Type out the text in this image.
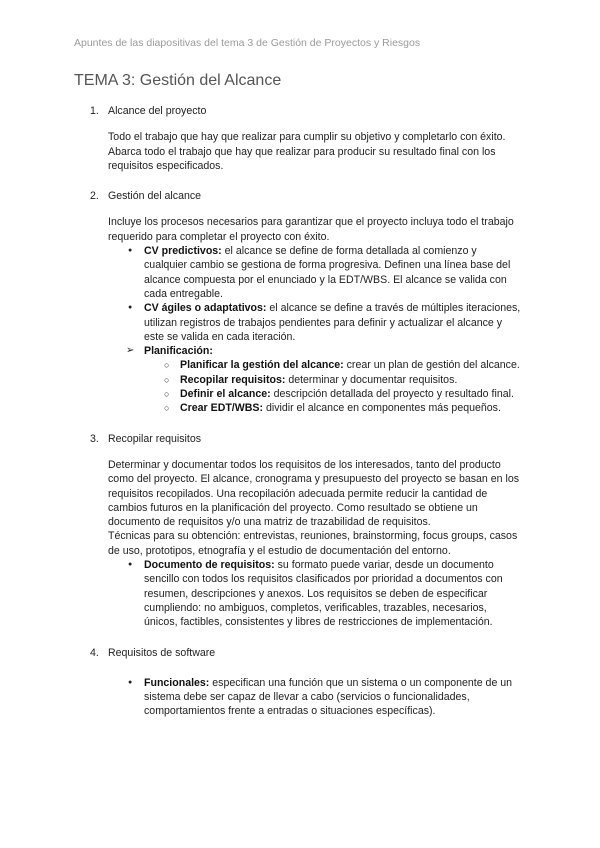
Apuntes de las diapositivas del tema 3 de Gestión de Proyectos y Riesgos
TEMA 3: Gestión del Alcance
1. Alcance del proyecto
Todo el trabajo que hay que realizar para cumplir su objetivo y completarlo con éxito. Abarca todo el trabajo que hay que realizar para producir su resultado final con los requisitos especificados.
2. Gestión del alcance
Incluye los procesos necesarios para garantizar que el proyecto incluya todo el trabajo requerido para completar el proyecto con éxito.
● CV predictivos: el alcance se define de forma detallada al comienzo y cualquier cambio se gestiona de forma progresiva. Definen una línea base del alcance compuesta por el enunciado y la EDT/WBS. El alcance se valida con cada entregable.
● CV ágiles o adaptativos: el alcance se define a través de múltiples iteraciones, utilizan registros de trabajos pendientes para definir y actualizar el alcance y este se valida en cada iteración.
➢ Planificación:
○ Planificar la gestión del alcance: crear un plan de gestión del alcance.
○ Recopilar requisitos: determinar y documentar requisitos.
○ Definir el alcance: descripción detallada del proyecto y resultado final.
○ Crear EDT/WBS: dividir el alcance en componentes más pequeños.
3. Recopilar requisitos
Determinar y documentar todos los requisitos de los interesados, tanto del producto como del proyecto. El alcance, cronograma y presupuesto del proyecto se basan en los requisitos recopilados. Una recopilación adecuada permite reducir la cantidad de cambios futuros en la planificación del proyecto. Como resultado se obtiene un documento de requisitos y/o una matriz de trazabilidad de requisitos.
Técnicas para su obtención: entrevistas, reuniones, brainstorming, focus groups, casos de uso, prototipos, etnografía y el estudio de documentación del entorno.
● Documento de requisitos: su formato puede variar, desde un documento sencillo con todos los requisitos clasificados por prioridad a documentos con resumen, descripciones y anexos. Los requisitos se deben de especificar cumpliendo: no ambiguos, completos, verificables, trazables, necesarios, únicos, factibles, consistentes y libres de restricciones de implementación.
4. Requisitos de software
● Funcionales: especifican una función que un sistema o un componente de un sistema debe ser capaz de llevar a cabo (servicios o funcionalidades, comportamientos frente a entradas o situaciones específicas).
